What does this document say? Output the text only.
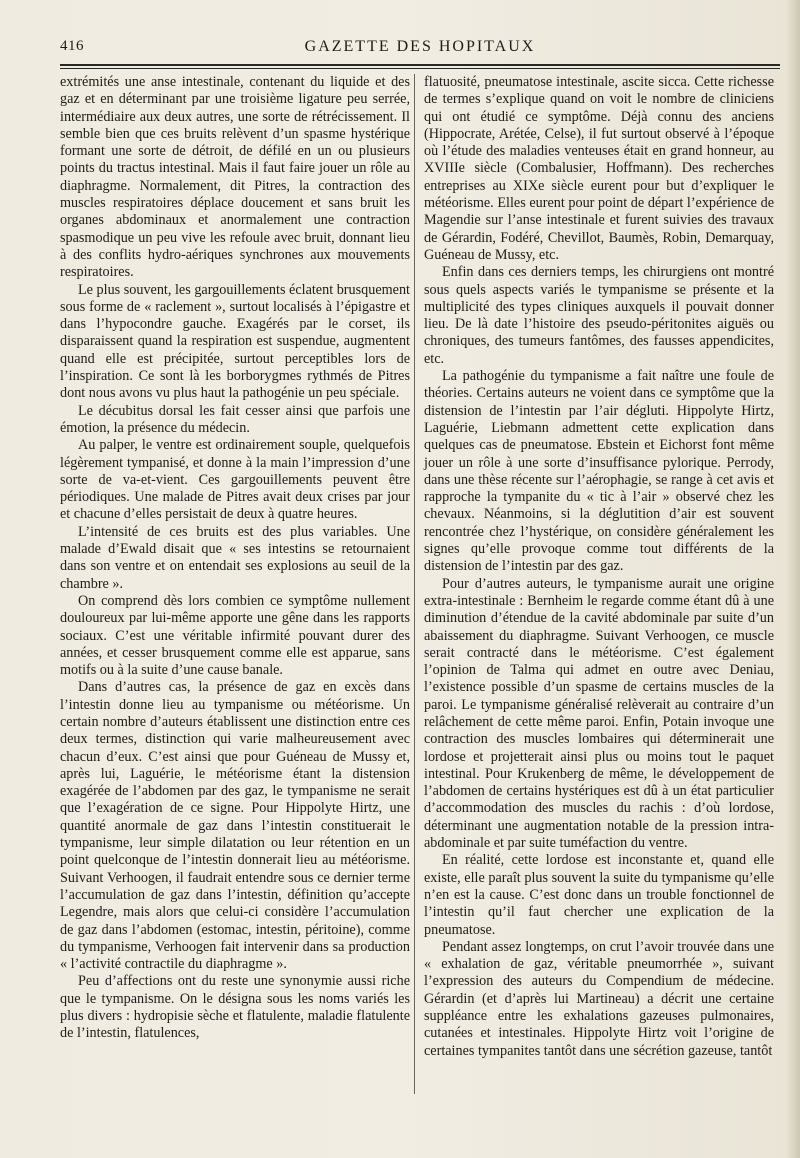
416	GAZETTE DES HOPITAUX

extrémités une anse intestinale, contenant du liquide et des gaz et en déterminant par une troisième ligature peu serrée, intermédiaire aux deux autres, une sorte de rétrécissement. Il semble bien que ces bruits relèvent d’un spasme hystérique formant une sorte de détroit, de défilé en un ou plusieurs points du tractus intestinal. Mais il faut faire jouer un rôle au diaphragme. Normalement, dit Pitres, la contraction des muscles respiratoires déplace doucement et sans bruit les organes abdominaux et anormalement une contraction spasmodique un peu vive les refoule avec bruit, donnant lieu à des conflits hydro-aériques synchrones aux mouvements respiratoires.

Le plus souvent, les gargouillements éclatent brusquement sous forme de « raclement », surtout localisés à l’épigastre et dans l’hypocondre gauche. Exagérés par le corset, ils disparaissent quand la respiration est suspendue, augmentent quand elle est précipitée, surtout perceptibles lors de l’inspiration. Ce sont là les borborygmes rythmés de Pitres dont nous avons vu plus haut la pathogénie un peu spéciale.

Le décubitus dorsal les fait cesser ainsi que parfois une émotion, la présence du médecin.

Au palper, le ventre est ordinairement souple, quelquefois légèrement tympanisé, et donne à la main l’impression d’une sorte de va-et-vient. Ces gargouillements peuvent être périodiques. Une malade de Pitres avait deux crises par jour et chacune d’elles persistait de deux à quatre heures.

L’intensité de ces bruits est des plus variables. Une malade d’Ewald disait que « ses intestins se retournaient dans son ventre et on entendait ses explosions au seuil de la chambre ».

On comprend dès lors combien ce symptôme nullement douloureux par lui-même apporte une gêne dans les rapports sociaux. C’est une véritable infirmité pouvant durer des années, et cesser brusquement comme elle est apparue, sans motifs ou à la suite d’une cause banale.

Dans d’autres cas, la présence de gaz en excès dans l’intestin donne lieu au tympanisme ou météorisme. Un certain nombre d’auteurs établissent une distinction entre ces deux termes, distinction qui varie malheureusement avec chacun d’eux. C’est ainsi que pour Guéneau de Mussy et, après lui, Laguérie, le météorisme étant la distension exagérée de l’abdomen par des gaz, le tympanisme ne serait que l’exagération de ce signe. Pour Hippolyte Hirtz, une quantité anormale de gaz dans l’intestin constituerait le tympanisme, leur simple dilatation ou leur rétention en un point quelconque de l’intestin donnerait lieu au météorisme. Suivant Verhoogen, il faudrait entendre sous ce dernier terme l’accumulation de gaz dans l’intestin, définition qu’accepte Legendre, mais alors que celui-ci considère l’accumulation de gaz dans l’abdomen (estomac, intestin, péritoine), comme du tympanisme, Verhoogen fait intervenir dans sa production « l’activité contractile du diaphragme ».

Peu d’affections ont du reste une synonymie aussi riche que le tympanisme. On le désigna sous les noms variés les plus divers : hydropisie sèche et flatulente, maladie flatulente de l’intestin, flatulences,

flatuosité, pneumatose intestinale, ascite sicca. Cette richesse de termes s’explique quand on voit le nombre de cliniciens qui ont étudié ce symptôme. Déjà connu des anciens (Hippocrate, Arétée, Celse), il fut surtout observé à l’époque où l’étude des maladies venteuses était en grand honneur, au XVIIIe siècle (Combalusier, Hoffmann). Des recherches entreprises au XIXe siècle eurent pour but d’expliquer le météorisme. Elles eurent pour point de départ l’expérience de Magendie sur l’anse intestinale et furent suivies des travaux de Gérardin, Fodéré, Chevillot, Baumès, Robin, Demarquay, Guéneau de Mussy, etc.

Enfin dans ces derniers temps, les chirurgiens ont montré sous quels aspects variés le tympanisme se présente et la multiplicité des types cliniques auxquels il pouvait donner lieu. De là date l’histoire des pseudo-péritonites aiguës ou chroniques, des tumeurs fantômes, des fausses appendicites, etc.

La pathogénie du tympanisme a fait naître une foule de théories. Certains auteurs ne voient dans ce symptôme que la distension de l’intestin par l’air dégluti. Hippolyte Hirtz, Laguérie, Liebmann admettent cette explication dans quelques cas de pneumatose. Ebstein et Eichorst font même jouer un rôle à une sorte d’insuffisance pylorique. Perrody, dans une thèse récente sur l’aérophagie, se range à cet avis et rapproche la tympanite du « tic à l’air » observé chez les chevaux. Néanmoins, si la déglutition d’air est souvent rencontrée chez l’hystérique, on considère généralement les signes qu’elle provoque comme tout différents de la distension de l’intestin par des gaz.

Pour d’autres auteurs, le tympanisme aurait une origine extra-intestinale : Bernheim le regarde comme étant dû à une diminution d’étendue de la cavité abdominale par suite d’un abaissement du diaphragme. Suivant Verhoogen, ce muscle serait contracté dans le météorisme. C’est également l’opinion de Talma qui admet en outre avec Deniau, l’existence possible d’un spasme de certains muscles de la paroi. Le tympanisme généralisé relèverait au contraire d’un relâchement de cette même paroi. Enfin, Potain invoque une contraction des muscles lombaires qui déterminerait une lordose et projetterait ainsi plus ou moins tout le paquet intestinal. Pour Krukenberg de même, le développement de l’abdomen de certains hystériques est dû à un état particulier d’accommodation des muscles du rachis : d’où lordose, déterminant une augmentation notable de la pression intra-abdominale et par suite tuméfaction du ventre.

En réalité, cette lordose est inconstante et, quand elle existe, elle paraît plus souvent la suite du tympanisme qu’elle n’en est la cause. C’est donc dans un trouble fonctionnel de l’intestin qu’il faut chercher une explication de la pneumatose.

Pendant assez longtemps, on crut l’avoir trouvée dans une « exhalation de gaz, véritable pneumorrhée », suivant l’expression des auteurs du Compendium de médecine. Gérardin (et d’après lui Martineau) a décrit une certaine suppléance entre les exhalations gazeuses pulmonaires, cutanées et intestinales. Hippolyte Hirtz voit l’origine de certaines tympanites tantôt dans une sécrétion gazeuse, tantôt
